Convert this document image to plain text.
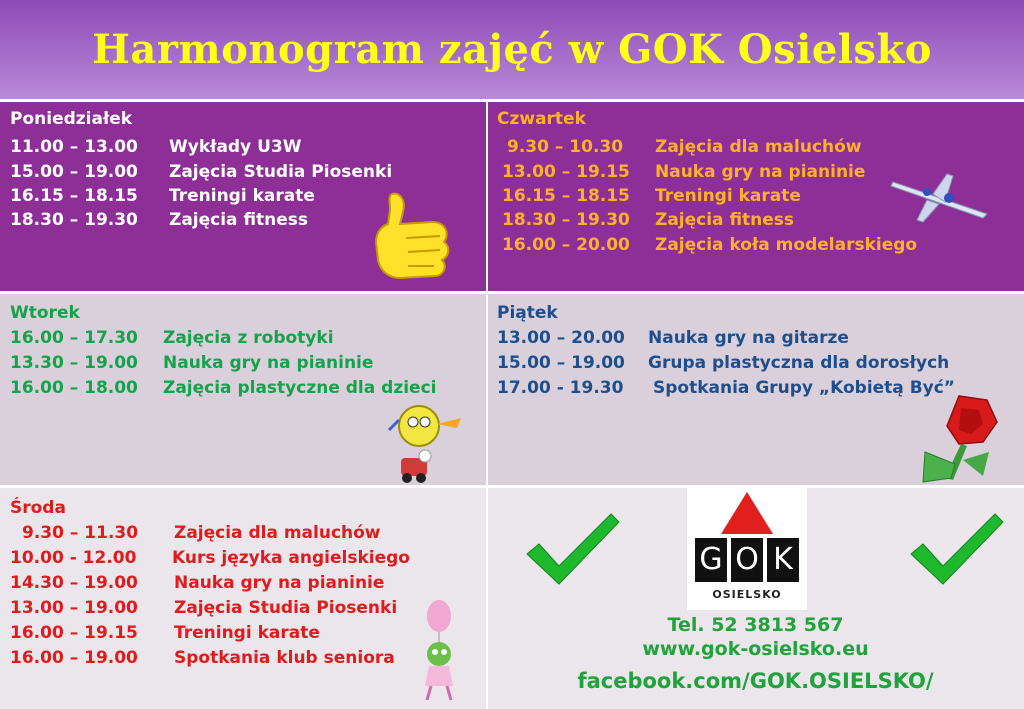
Harmonogram zajęć w GOK Osielsko
Poniedziałek
11.00 – 13.00 Wykłady U3W
15.00 – 19.00 Zajęcia Studia Piosenki
16.15 – 18.15 Treningi karate
18.30 – 19.30 Zajęcia fitness
Czwartek
9.30 – 10.30 Zajęcia dla maluchów
13.00 – 19.15 Nauka gry na pianinie
16.15 – 18.15 Treningi karate
18.30 – 19.30 Zajęcia fitness
16.00 – 20.00 Zajęcia koła modelarskiego
Wtorek
16.00 – 17.30 Zajęcia z robotyki
13.30 – 19.00 Nauka gry na pianinie
16.00 – 18.00 Zajęcia plastyczne dla dzieci
Piątek
13.00 – 20.00 Nauka gry na gitarze
15.00 – 19.00 Grupa plastyczna dla dorosłych
17.00 - 19.30 Spotkania Grupy „Kobietą Być”
Środa
9.30 – 11.30 Zajęcia dla maluchów
10.00 - 12.00 Kurs języka angielskiego
14.30 – 19.00 Nauka gry na pianinie
13.00 – 19.00 Zajęcia Studia Piosenki
16.00 – 19.15 Treningi karate
16.00 – 19.00 Spotkania klub seniora
G O K
OSIELSKO
Tel. 52 3813 567
www.gok-osielsko.eu
facebook.com/GOK.OSIELSKO/
